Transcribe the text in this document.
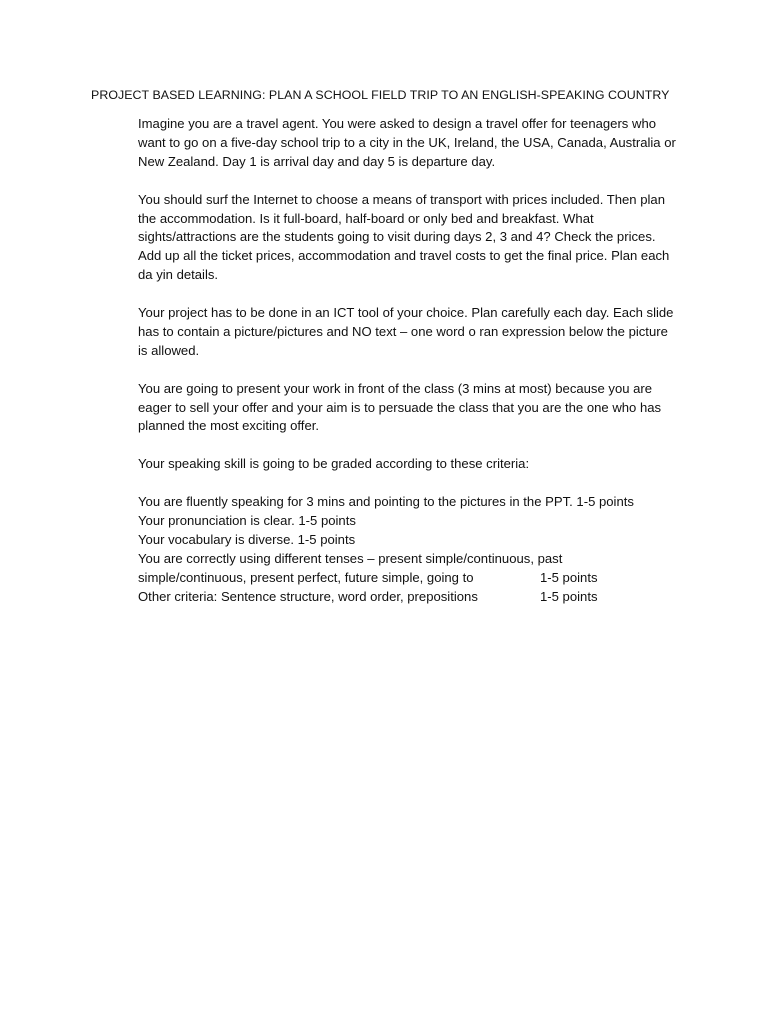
PROJECT BASED LEARNING: PLAN A SCHOOL FIELD TRIP TO AN ENGLISH-SPEAKING COUNTRY

Imagine you are a travel agent. You were asked to design a travel offer for teenagers who
want to go on a five-day school trip to a city in the UK, Ireland, the USA, Canada, Australia or
New Zealand. Day 1 is arrival day and day 5 is departure day.

You should surf the Internet to choose a means of transport with prices included. Then plan
the accommodation. Is it full-board, half-board or only bed and breakfast. What
sights/attractions are the students going to visit during days 2, 3 and 4? Check the prices.
Add up all the ticket prices, accommodation and travel costs to get the final price. Plan each
da yin details.

Your project has to be done in an ICT tool of your choice. Plan carefully each day. Each slide
has to contain a picture/pictures and NO text – one word o ran expression below the picture
is allowed.

You are going to present your work in front of the class (3 mins at most) because you are
eager to sell your offer and your aim is to persuade the class that you are the one who has
planned the most exciting offer.

Your speaking skill is going to be graded according to these criteria:

You are fluently speaking for 3 mins and pointing to the pictures in the PPT. 1-5 points
Your pronunciation is clear. 1-5 points
Your vocabulary is diverse. 1-5 points
You are correctly using different tenses – present simple/continuous, past
simple/continuous, present perfect, future simple, going to	1-5 points
Other criteria: Sentence structure, word order, prepositions	1-5 points
